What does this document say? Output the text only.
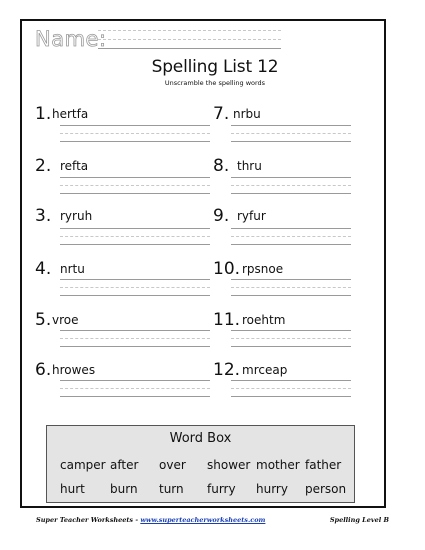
Name:
Spelling List 12
Unscramble the spelling words
1. hertfa
2. refta
3. ryruh
4. nrtu
5. vroe
6. hrowes
7. nrbu
8. thru
9. ryfur
10. rpsnoe
11. roehtm
12. mrceap
Word Box
camper after over shower mother father
hurt burn turn furry hurry person
Super Teacher Worksheets - www.superteacherworksheets.com	Spelling Level B
